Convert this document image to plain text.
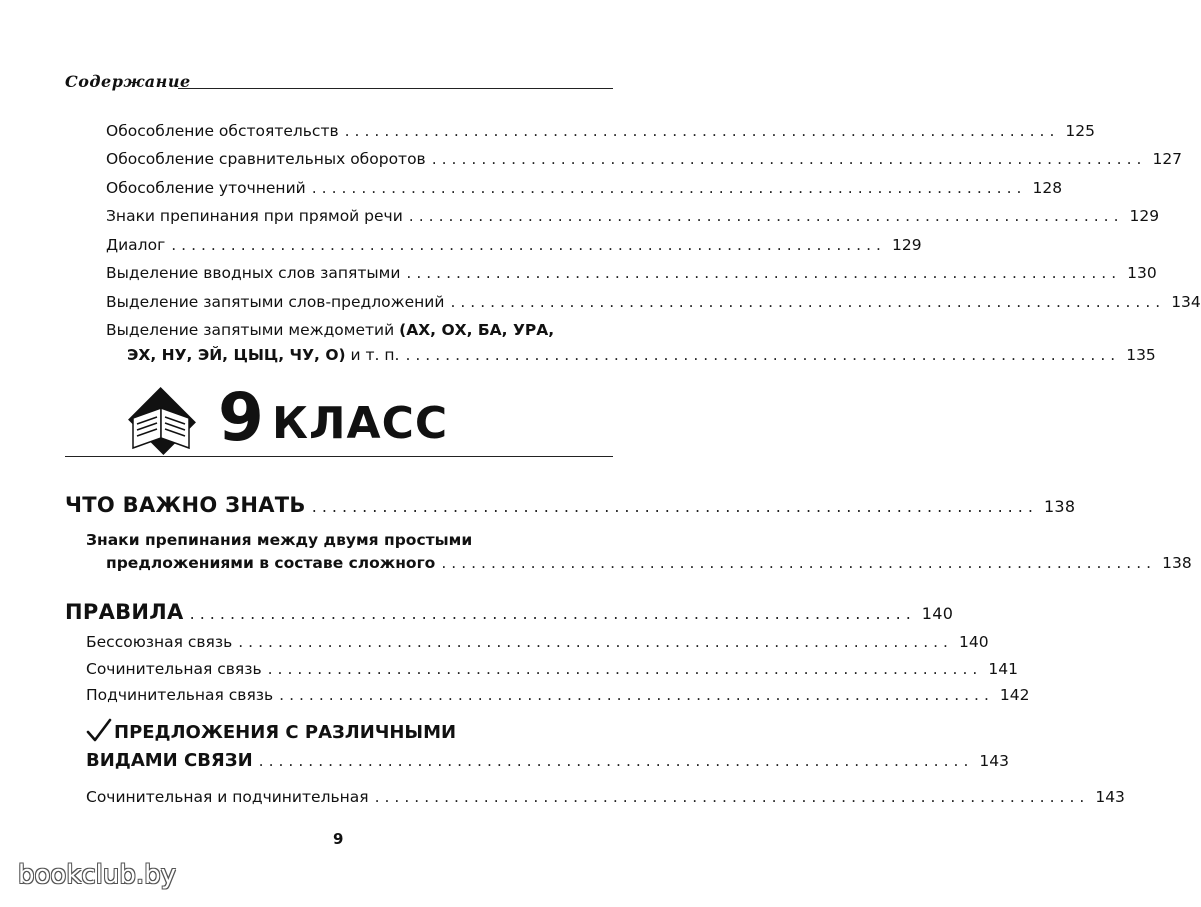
Содержание
Обособление обстоятельств ........................................................................ 125
Обособление сравнительных оборотов ........................................................................ 127
Обособление уточнений ........................................................................ 128
Знаки препинания при прямой речи ........................................................................ 129
Диалог ........................................................................ 129
Выделение вводных слов запятыми ........................................................................ 130
Выделение запятыми слов-предложений ........................................................................ 134
Выделение запятыми междометий (АХ, ОХ, БА, УРА,
ЭХ, НУ, ЭЙ, ЦЫЦ, ЧУ, О) и т. п. ........................................................................ 135
9 КЛАСС
ЧТО ВАЖНО ЗНАТЬ ........................................................................ 138
Знаки препинания между двумя простыми
предложениями в составе сложного ........................................................................ 138
ПРАВИЛА ........................................................................ 140
Бессоюзная связь ........................................................................ 140
Сочинительная связь ........................................................................ 141
Подчинительная связь ........................................................................ 142
ПРЕДЛОЖЕНИЯ С РАЗЛИЧНЫМИ
ВИДАМИ СВЯЗИ ........................................................................ 143
Сочинительная и подчинительная ........................................................................ 143
9
bookclub.by
